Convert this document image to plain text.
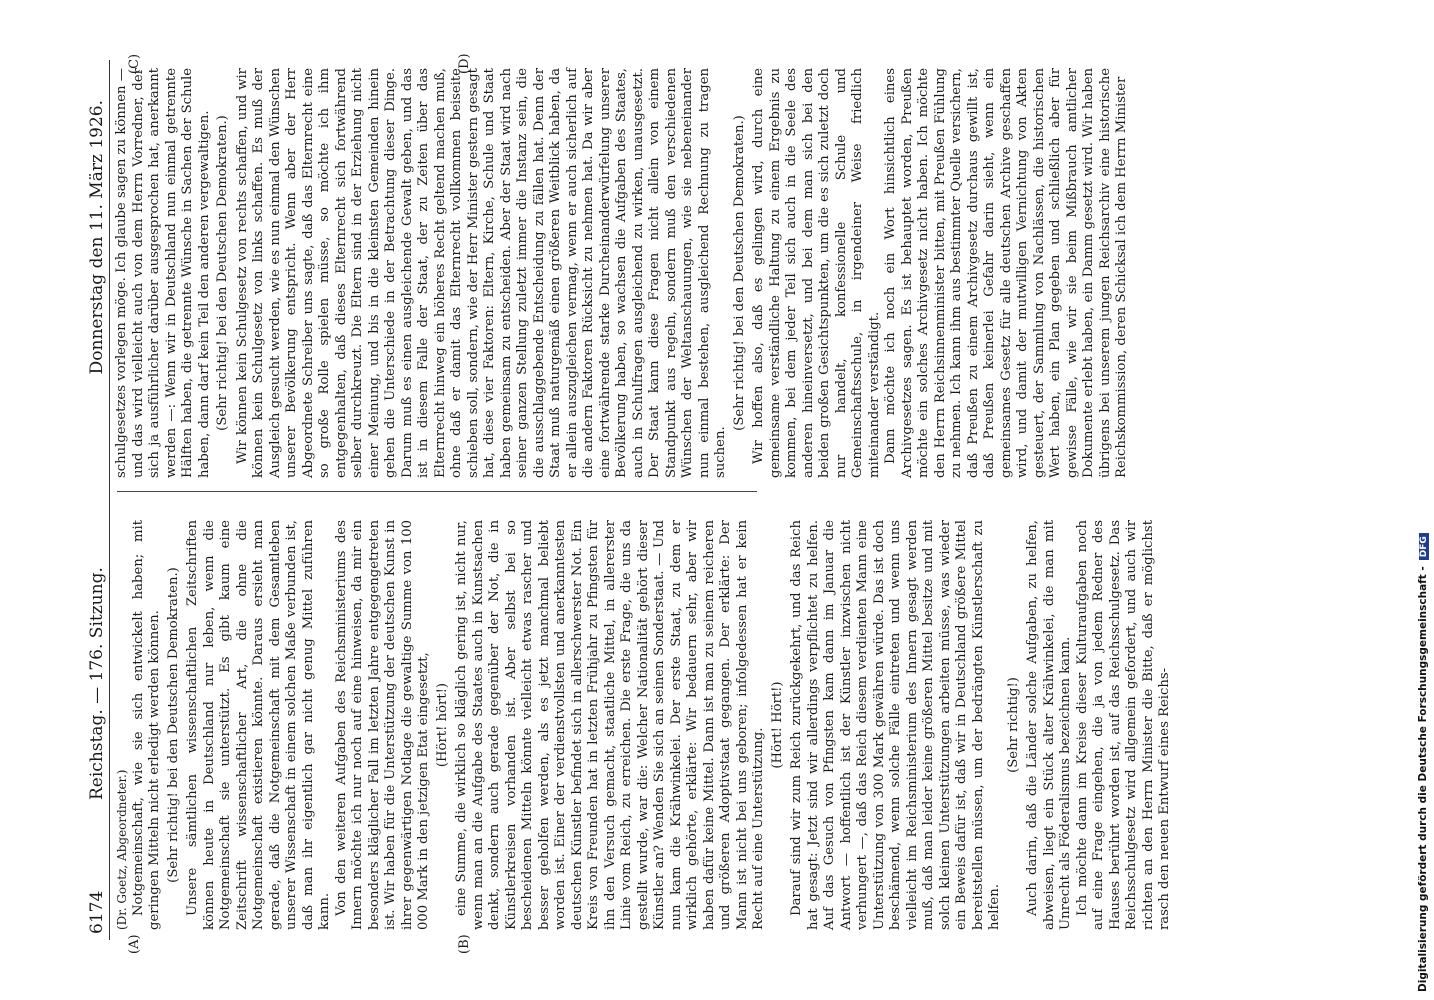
6174
Reichstag. — 176. Sitzung.
Donnerstag den 11. März 1926.
(A)	(B)
(C)	(D)

(Dr. Goetz, Abgeordneter.) Notgemeinschaft, wie sie sich entwickelt haben; mit geringen Mitteln nicht erledigt werden können. (Sehr richtig! bei den Deutschen Demokraten.) Unsere sämtlichen wissenschaftlichen Zeitschriften können heute in Deutschland nur leben, wenn die Notgemeinschaft sie unterstützt. Es gibt kaum eine Zeitschrift wissenschaftlicher Art, die ohne die Notgemeinschaft existieren könnte. Daraus ersieht man gerade, daß die Notgemeinschaft mit dem Gesamtleben unserer Wissenschaft in einem solchen Maße verbunden ist, daß man ihr eigentlich gar nicht genug Mittel zuführen kann. Von den weiteren Aufgaben des Reichsministeriums des Innern möchte ich nur noch auf eine hinweisen, da mir ein besonders kläglicher Fall im letzten Jahre entgegengetreten ist. Wir haben für die Unterstützung der deutschen Kunst in ihrer gegenwärtigen Notlage die gewaltige Summe von 100 000 Mark in den jetzigen Etat eingesetzt, (Hört! hört!) eine Summe, die wirklich so kläglich gering ist, nicht nur, wenn man an die Aufgabe des Staates auch in Kunstsachen denkt, sondern auch gerade gegenüber der Not, die in Künstlerkreisen vorhanden ist. Aber selbst bei so bescheidenen Mitteln könnte vielleicht etwas rascher und besser geholfen werden, als es jetzt manchmal beliebt worden ist. Einer der verdienstvollsten und anerkanntesten deutschen Künstler befindet sich in allerschwerster Not. Ein Kreis von Freunden hat in letzten Frühjahr zu Pfingsten für ihn den Versuch gemacht, staatliche Mittel, in allererster Linie vom Reich, zu erreichen. Die erste Frage, die uns da gestellt wurde, war die: Welcher Nationalität gehört dieser Künstler an? Wenden Sie sich an seinen Sonderstaat. — Und nun kam die Krähwinkelei. Der erste Staat, zu dem er wirklich gehörte, erklärte: Wir bedauern sehr, aber wir haben dafür keine Mittel. Dann ist man zu seinem reicheren und größeren Adoptivstaat gegangen. Der erklärte: Der Mann ist nicht bei uns geboren; infolgedessen hat er kein Recht auf eine Unterstützung.

(Hört! Hört!) Darauf sind wir zum Reich zurückgekehrt, und das Reich hat gesagt: Jetzt sind wir allerdings verpflichtet zu helfen. Auf das Gesuch von Pfingsten kam dann im Januar die Antwort — hoffentlich ist der Künstler inzwischen nicht verhungert —, daß das Reich diesem verdienten Mann eine Unterstützung von 300 Mark gewähren würde. Das ist doch beschämend, wenn solche Fälle eintreten und wenn uns vielleicht im Reichsministerium des Innern gesagt werden muß, daß man leider keine größeren Mittel besitze und mit solch kleinen Unterstützungen arbeiten müsse, was wieder ein Beweis dafür ist, daß wir in Deutschland größere Mittel bereitstellen müssen, um der bedrängten Künstlerschaft zu helfen.

(Sehr richtig!) Auch darin, daß die Länder solche Aufgaben, zu helfen, abweisen, liegt ein Stück alter Krähwinkelei, die man mit Unrecht als Föderalismus bezeichnen kann. Ich möchte dann im Kreise dieser Kulturaufgaben noch auf eine Frage eingehen, die ja von jedem Redner des Hauses berührt worden ist, auf das Reichsschulgesetz. Das Reichsschulgesetz wird allgemein gefordert, und auch wir richten an den Herrn Minister die Bitte, daß er möglichst rasch den neuen Entwurf eines Reichs-

schulgesetzes vorlegen möge. Ich glaube sagen zu können — und das wird vielleicht auch von dem Herrn Vorredner, der sich ja ausführlicher darüber ausgesprochen hat, anerkannt werden —: Wenn wir in Deutschland nun einmal getrennte Hälften haben, die getrennte Wünsche in Sachen der Schule haben, dann darf kein Teil den anderen vergewaltigen. (Sehr richtig! bei den Deutschen Demokraten.) Wir können kein Schulgesetz von rechts schaffen, und wir können kein Schulgesetz von links schaffen. Es muß der Ausgleich gesucht werden, wie es nun einmal den Wünschen unserer Bevölkerung entspricht. Wenn aber der Herr Abgeordnete Schreiber uns sagte, daß das Elternrecht eine so große Rolle spielen müsse, so möchte ich ihm entgegenhalten, daß dieses Elternrecht sich fortwährend selber durchkreuzt. Die Eltern sind in der Erziehung nicht einer Meinung, und bis in die kleinsten Gemeinden hinein gehen die Unterschiede in der Betrachtung dieser Dinge. Darum muß es einen ausgleichende Gewalt geben, und das ist in diesem Falle der Staat, der zu Zeiten über das Elternrecht hinweg ein höheres Recht geltend machen muß, ohne daß er damit das Elternrecht vollkommen beiseite schieben soll, sondern, wie der Herr Minister gestern gesagt hat, diese vier Faktoren: Eltern, Kirche, Schule und Staat haben gemeinsam zu entscheiden. Aber der Staat wird nach seiner ganzen Stellung zuletzt immer die Instanz sein, die die ausschlaggebende Entscheidung zu fällen hat. Denn der Staat muß naturgemäß einen größeren Weitblick haben, da er allein auszugleichen vermag, wenn er auch sicherlich auf die andern Faktoren Rücksicht zu nehmen hat. Da wir aber eine fortwährende starke Durcheinanderwürfelung unserer Bevölkerung haben, so wachsen die Aufgaben des Staates, auch in Schulfragen ausgleichend zu wirken, unausgesetzt. Der Staat kann diese Fragen nicht allein von einem Standpunkt aus regeln, sondern muß den verschiedenen Wünschen der Weltanschauungen, wie sie nebeneinander nun einmal bestehen, ausgleichend Rechnung zu tragen suchen.

(Sehr richtig! bei den Deutschen Demokraten.) Wir hoffen also, daß es gelingen wird, durch eine gemeinsame verständliche Haltung zu einem Ergebnis zu kommen, bei dem jeder Teil sich auch in die Seele des anderen hineinversetzt, und bei dem man sich bei den beiden großen Gesichtspunkten, um die es sich zuletzt doch nur handelt, konfessionelle Schule und Gemeinschaftsschule, in irgendeiner Weise friedlich miteinander verständigt. Dann möchte ich noch ein Wort hinsichtlich eines Archivgesetzes sagen. Es ist behauptet worden, Preußen möchte ein solches Archivgesetz nicht haben. Ich möchte den Herrn Reichsinnenminister bitten, mit Preußen Fühlung zu nehmen. Ich kann ihm aus bestimmter Quelle versichern, daß Preußen zu einem Archivgesetz durchaus gewillt ist, daß Preußen keinerlei Gefahr darin sieht, wenn ein gemeinsames Gesetz für alle deutschen Archive geschaffen wird, und damit der mutwilligen Vernichtung von Akten gesteuert, der Sammlung von Nachlässen, die historischen Wert haben, ein Plan gegeben und schließlich aber für gewisse Fälle, wie wir sie beim Mißbrauch amtlicher Dokumente erlebt haben, ein Damm gesetzt wird. Wir haben übrigens bei unserem jungen Reichsarchiv eine historische Reichskommission, deren Schicksal ich dem Herrn Minister

Digitalisierung gefördert durch die Deutsche Forschungsgemeinschaft -DFG
